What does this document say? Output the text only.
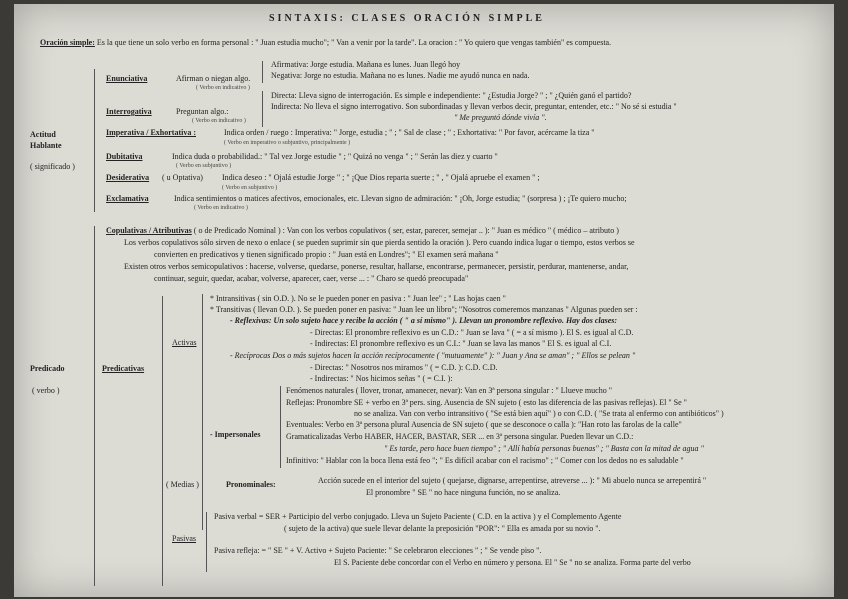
SINTAXIS: CLASES ORACIÓN SIMPLE
Oración simple: Es la que tiene un solo verbo en forma personal : " Juan estudia mucho"; " Van a venir por la tarde". La oracion : " Yo quiero que vengas también" es compuesta.
Actitud
Hablante
( significado )
Enunciativa	Afirman o niegan algo.
( Verbo en indicativo )
Afirmativa: Jorge estudia. Mañana es lunes. Juan llegó hoy
Negativa: Jorge no estudia. Mañana no es lunes. Nadie me ayudó nunca en nada.
Interrogativa	Preguntan algo.:
( Verbo en indicativo )
Directa: Lleva signo de interrogación. Es simple e independiente: " ¿Estudia Jorge? " ; " ¿Quién ganó el partido?
Indirecta: No lleva el signo interrogativo. Son subordinadas y llevan verbos decir, preguntar, entender, etc.: " No sé si estudia "
" Me preguntó dónde vivía ".
Imperativa / Exhortativa :	Indica orden / ruego : Imperativa: " Jorge, estudia ; " ; " Sal de clase ; " ; Exhortativa: " Por favor, acércame la tiza "
( Verbo en imperativo o subjuntivo, principalmente )
Dubitativa	Indica duda o probabilidad.: " Tal vez Jorge estudie " ; " Quizá no venga " ; " Serán las diez y cuarto "
( Verbo en subjuntivo )
Desiderativa ( u Optativa) Indica deseo : " Ojalá estudie Jorge " ; " ¡Que Dios reparta suerte ; " , " Ojalá apruebe el examen " ;
( Verbo en subjuntivo )
Exclamativa	Indica sentimientos o matices afectivos, emocionales, etc. Llevan signo de admiración: " ¡Oh, Jorge estudia; " (sorpresa ) ; ¡Te quiero mucho;
( Verbo en indicativo )
Copulativas / Atributivas ( o de Predicado Nominal ) : Van con los verbos copulativos ( ser, estar, parecer, semejar .. ): " Juan es médico " ( médico – atributo )
Los verbos copulativos sólo sirven de nexo o enlace ( se pueden suprimir sin que pierda sentido la oración ). Pero cuando indica lugar o tiempo, estos verbos se
convierten en predicativos y tienen significado propio : " Juan está en Londres"; " El examen será mañana "
Existen otros verbos semicopulativos : hacerse, volverse, quedarse, ponerse, resultar, hallarse, encontrarse, permanecer, persistir, perdurar, mantenerse, andar,
continuar, seguir, quedar, acabar, volverse, aparecer, caer, verse ... : " Charo se quedó preocupada"
Predicado
( verbo )
Predicativas
Activas
* Intransitivas ( sin O.D. ). No se le pueden poner en pasiva : " Juan lee" ; " Las hojas caen "
* Transitivas ( llevan O.D. ). Se pueden poner en pasiva: " Juan lee un libro"; "Nosotros comeremos manzanas " Algunas pueden ser :
- Reflexivas: Un solo sujeto hace y recibe la acción ( " a sí mismo" ). Llevan un pronombre reflexivo. Hay dos clases:
- Directas: El pronombre reflexivo es un C.D.: " Juan se lava " ( = a sí mismo ). El S. es igual al C.D.
- Indirectas: El pronombre reflexivo es un C.I.: " Juan se lava las manos " El S. es igual al C.I.
- Recíprocas Dos o más sujetos hacen la acción recíprocamente ( "mutuamente" ): " Juan y Ana se aman" ; " Ellos se pelean "
- Directas: " Nosotros nos miramos " ( = C.D. ): C.D. C.D.
- Indirectas: " Nos hicimos señas " ( = C.I. ):
- Impersonales
Fenómenos naturales ( llover, tronar, amanecer, nevar): Van en 3ª persona singular : " Llueve mucho "
Reflejas: Pronombre SE + verbo en 3ª pers. sing. Ausencia de SN sujeto ( esto las diferencia de las pasivas reflejas). El " Se "
no se analiza. Van con verbo intransitivo ( "Se está bien aquí" ) o con C.D. ( "Se trata al enfermo con antibióticos" )
Eventuales: Verbo en 3ª persona plural Ausencia de SN sujeto ( que se desconoce o calla ): "Han roto las farolas de la calle"
Gramaticalizadas Verbo HABER, HACER, BASTAR, SER ... en 3ª persona singular. Pueden llevar un C.D.:
" Es tarde, pero hace buen tiempo" ; " Allí había personas buenas" ; " Basta con la mitad de agua "
Infinitivo: " Hablar con la boca llena está feo "; " Es difícil acabar con el racismo" ; " Comer con los dedos no es saludable "
( Medias )	Pronominales:	Acción sucede en el interior del sujeto ( quejarse, dignarse, arrepentirse, atreverse ... ): " Mi abuelo nunca se arrepentirá "
El pronombre " SE " no hace ninguna función, no se analiza.
Pasivas
Pasiva verbal = SER + Participio del verbo conjugado. Lleva un Sujeto Paciente ( C.D. en la activa ) y el Complemento Agente
( sujeto de la activa) que suele llevar delante la preposición "POR": " Ella es amada por su novio ".
Pasiva refleja: = " SE " + V. Activo + Sujeto Paciente: " Se celebraron elecciones " ; " Se vende piso ".
El S. Paciente debe concordar con el Verbo en número y persona. El " Se " no se analiza. Forma parte del verbo
